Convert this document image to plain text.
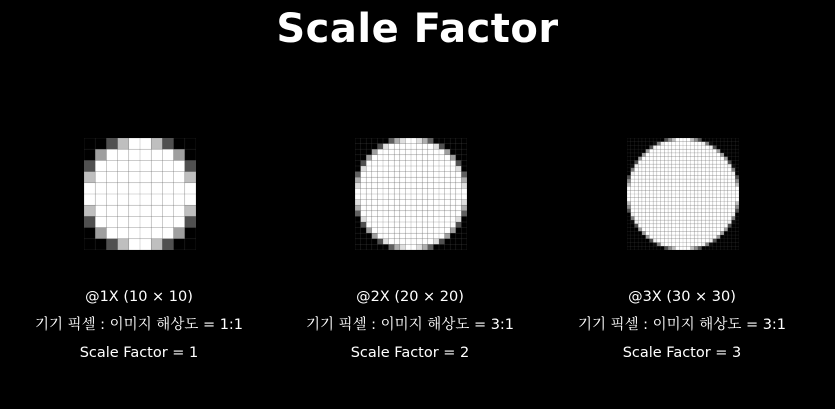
Scale Factor
@1X (10 × 10)
기기 픽셀 : 이미지 해상도 = 1:1
Scale Factor = 1
@2X (20 × 20)
기기 픽셀 : 이미지 해상도 = 3:1
Scale Factor = 2
@3X (30 × 30)
기기 픽셀 : 이미지 해상도 = 3:1
Scale Factor = 3
